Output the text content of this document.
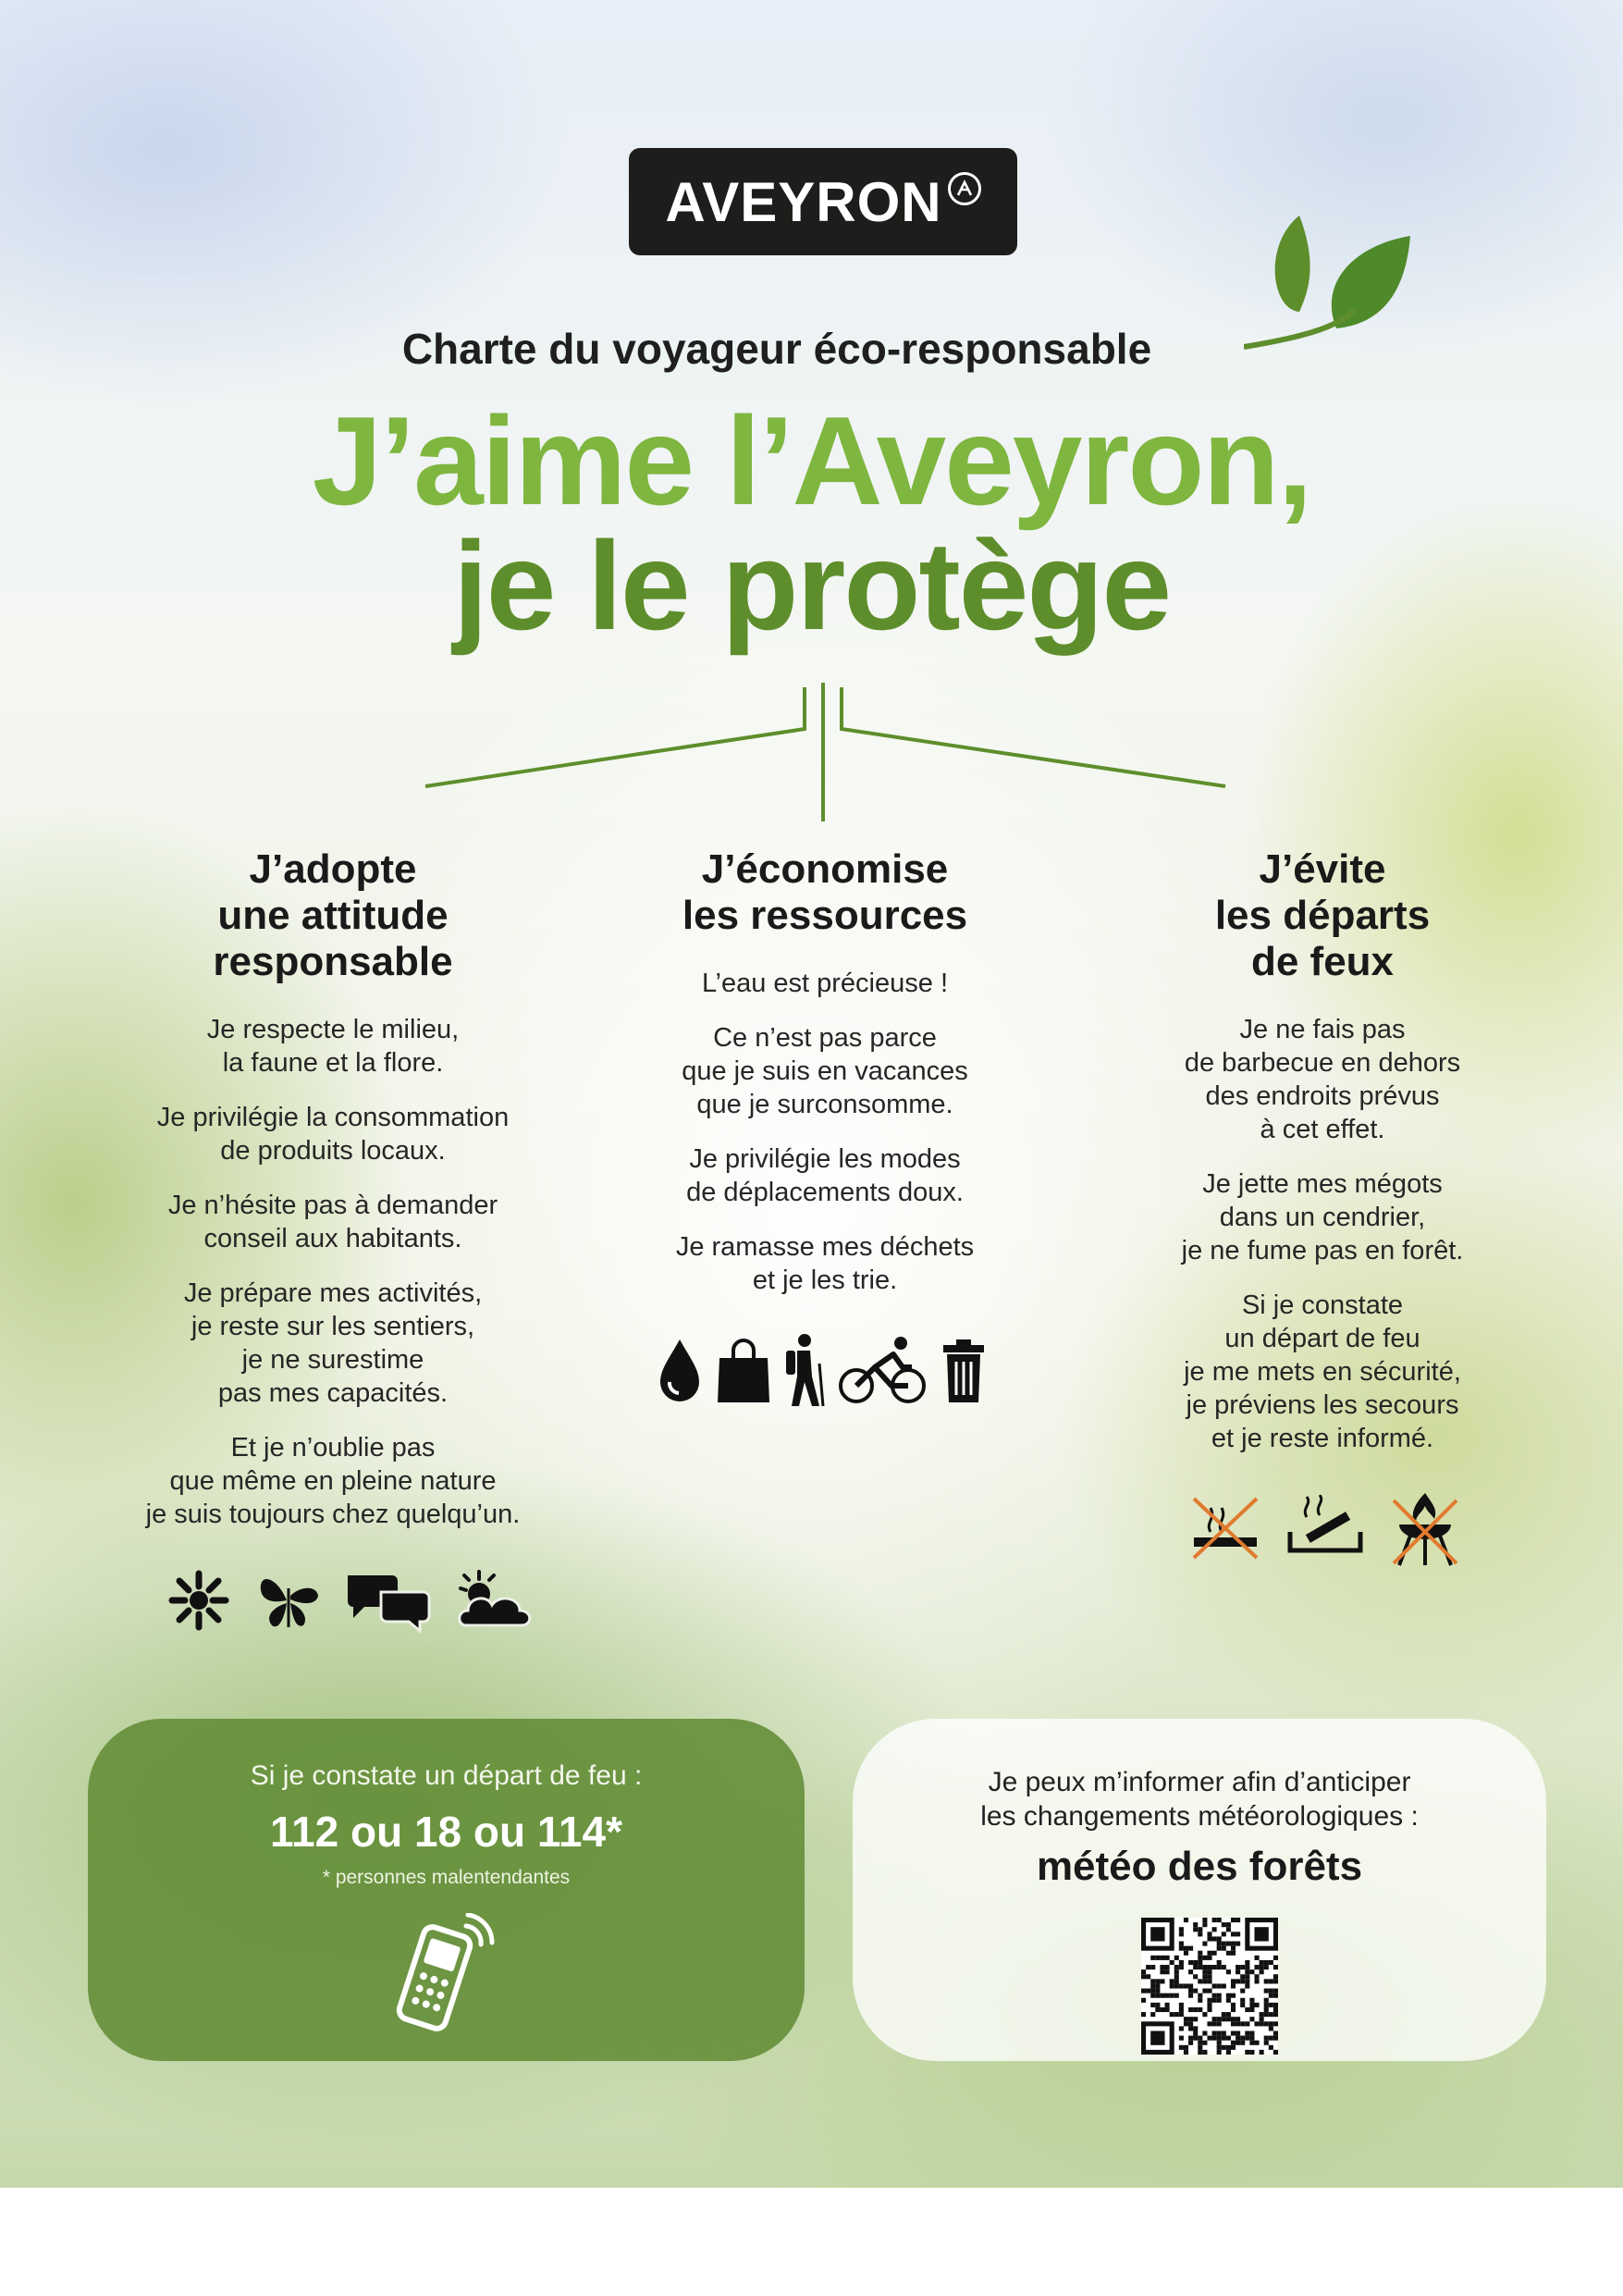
AVEYRON
Charte du voyageur éco-responsable
J’aime l’Aveyron,
je le protège
J’adopte
une attitude
responsable

Je respecte le milieu,
la faune et la flore.

Je privilégie la consommation
de produits locaux.

Je n’hésite pas à demander
conseil aux habitants.

Je prépare mes activités,
je reste sur les sentiers,
je ne surestime
pas mes capacités.

Et je n’oublie pas
que même en pleine nature
je suis toujours chez quelqu’un.

J’économise
les ressources

L’eau est précieuse !

Ce n’est pas parce
que je suis en vacances
que je surconsomme.

Je privilégie les modes
de déplacements doux.

Je ramasse mes déchets
et je les trie.

J’évite
les départs
de feux

Je ne fais pas
de barbecue en dehors
des endroits prévus
à cet effet.

Je jette mes mégots
dans un cendrier,
je ne fume pas en forêt.

Si je constate
un départ de feu
je me mets en sécurité,
je préviens les secours
et je reste informé.

Si je constate un départ de feu :
112 ou 18 ou 114*
* personnes malentendantes
Je peux m’informer afin d’anticiper
les changements météorologiques :
météo des forêts
